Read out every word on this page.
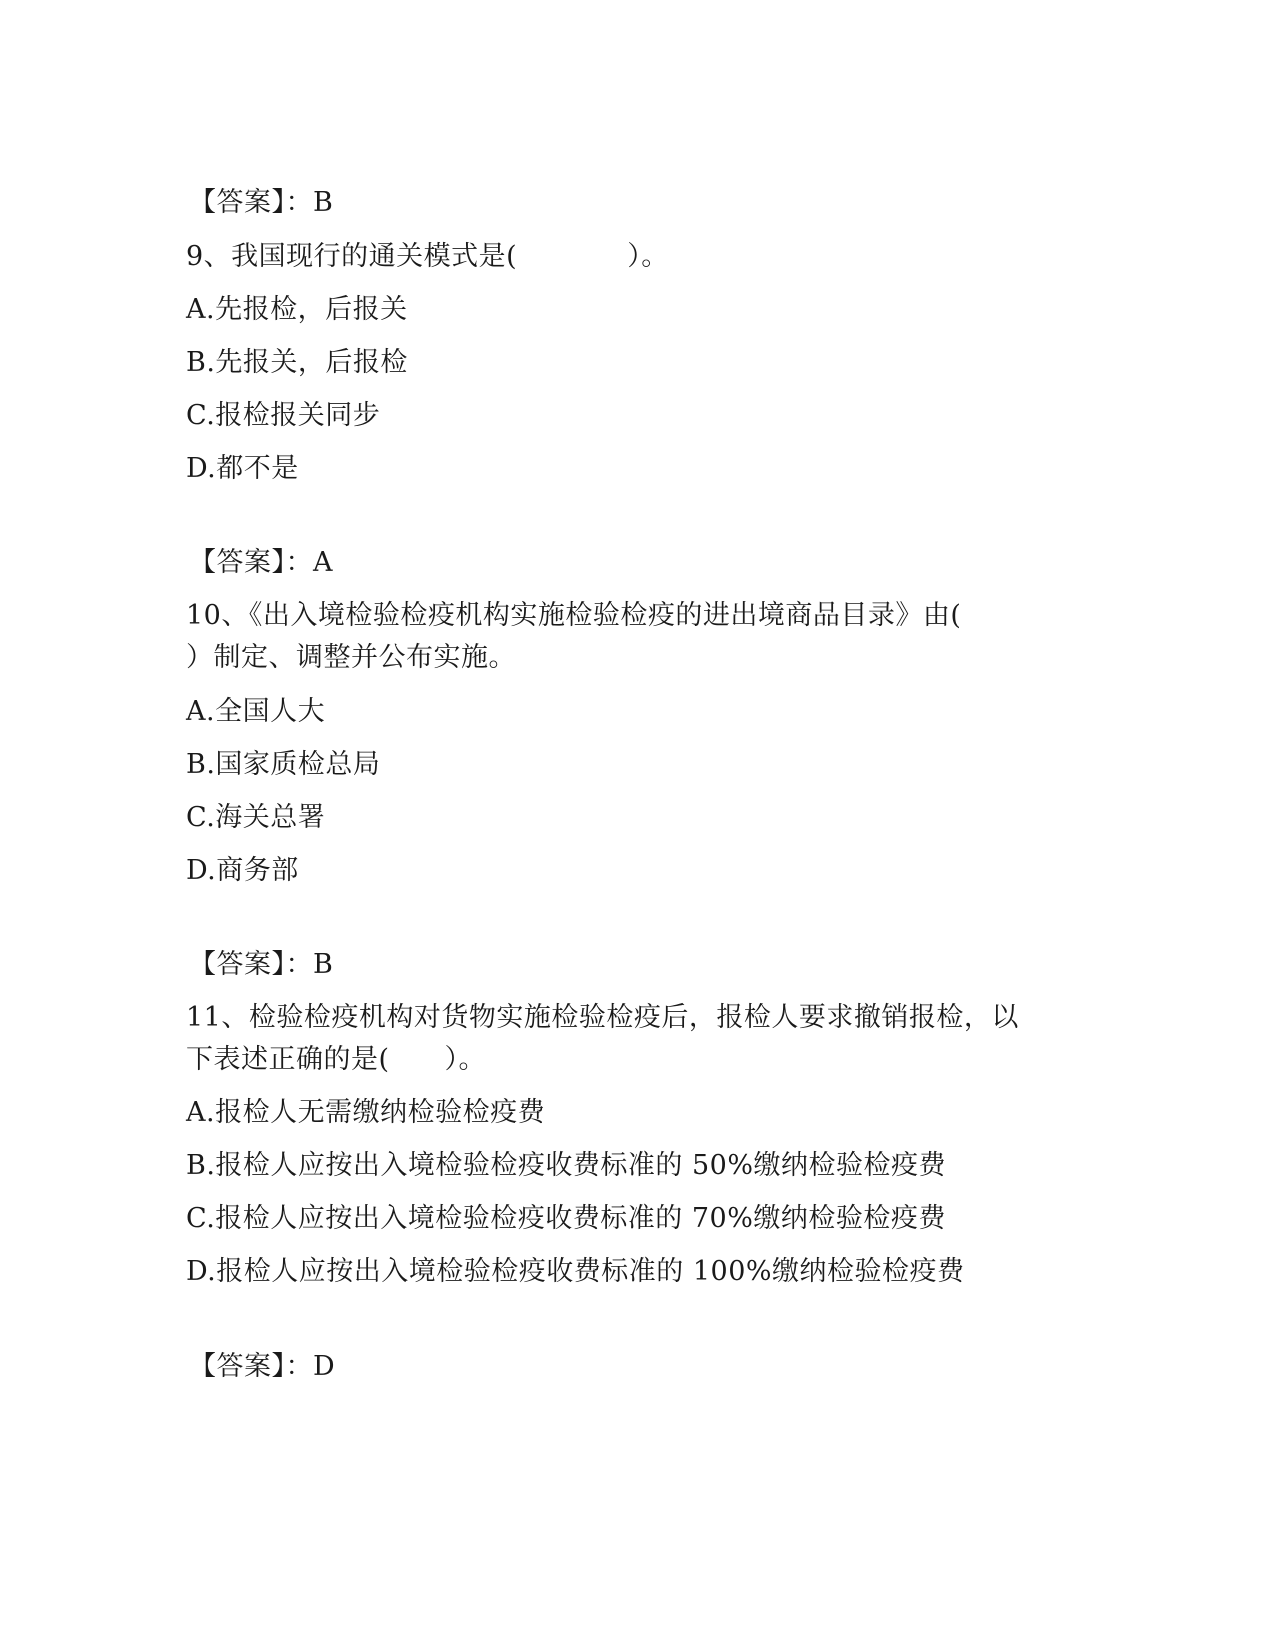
【答案】：B
9、我国现行的通关模式是(　　　　）。
A.先报检，后报关
B.先报关，后报检
C.报检报关同步
D.都不是
【答案】：A
10、《出入境检验检疫机构实施检验检疫的进出境商品目录》由(
）制定、调整并公布实施。
A.全国人大
B.国家质检总局
C.海关总署
D.商务部
【答案】：B
11、检验检疫机构对货物实施检验检疫后，报检人要求撤销报检，以
下表述正确的是(　　）。
A.报检人无需缴纳检验检疫费
B.报检人应按出入境检验检疫收费标准的 50%缴纳检验检疫费
C.报检人应按出入境检验检疫收费标准的 70%缴纳检验检疫费
D.报检人应按出入境检验检疫收费标准的 100%缴纳检验检疫费
【答案】：D
